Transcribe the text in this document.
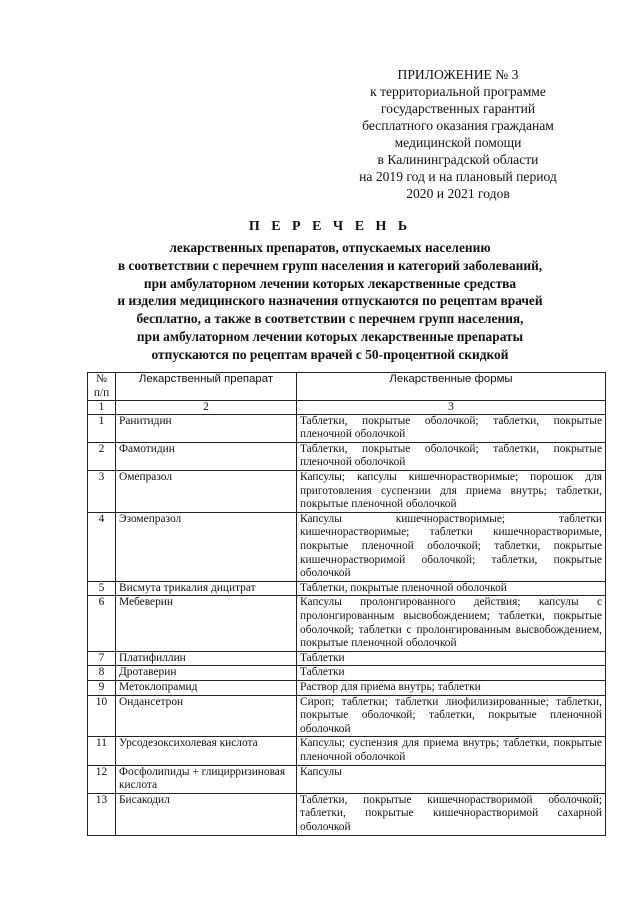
ПРИЛОЖЕНИЕ № 3
к территориальной программе
государственных гарантий
бесплатного оказания гражданам
медицинской помощи
в Калининградской области
на 2019 год и на плановый период
2020 и 2021 годов
П Е Р Е Ч Е Н Ь
лекарственных препаратов, отпускаемых населению
в соответствии с перечнем групп населения и категорий заболеваний,
при амбулаторном лечении которых лекарственные средства
и изделия медицинского назначения отпускаются по рецептам врачей
бесплатно, а также в соответствии с перечнем групп населения,
при амбулаторном лечении которых лекарственные препараты
отпускаются по рецептам врачей с 50-процентной скидкой
№
п/п	Лекарственный препарат	Лекарственные формы
1	2	3
1	Ранитидин	Таблетки, покрытые оболочкой; таблетки, покрытые пленочной оболочкой
2	Фамотидин	Таблетки, покрытые оболочкой; таблетки, покрытые пленочной оболочкой
3	Омепразол	Капсулы; капсулы кишечнорастворимые; порошок для приготовления суспензии для приема внутрь; таблетки, покрытые пленочной оболочкой
4	Эзомепразол	Капсулы кишечнорастворимые; таблетки кишечнорастворимые; таблетки кишечнорастворимые, покрытые пленочной оболочкой; таблетки, покрытые кишечнорастворимой оболочкой; таблетки, покрытые оболочкой
5	Висмута трикалия дицитрат	Таблетки, покрытые пленочной оболочкой
6	Мебеверин	Капсулы пролонгированного действия; капсулы с пролонгированным высвобождением; таблетки, покрытые оболочкой; таблетки с пролонгированным высвобождением, покрытые пленочной оболочкой
7	Платифиллин	Таблетки
8	Дротаверин	Таблетки
9	Метоклопрамид	Раствор для приема внутрь; таблетки
10	Ондансетрон	Сироп; таблетки; таблетки лиофилизированные; таблетки, покрытые оболочкой; таблетки, покрытые пленочной оболочкой
11	Урсодезоксихолевая кислота	Капсулы; суспензия для приема внутрь; таблетки, покрытые пленочной оболочкой
12	Фосфолипиды + глицирризиновая кислота	Капсулы
13	Бисакодил	Таблетки, покрытые кишечнорастворимой оболочкой; таблетки, покрытые кишечнорастворимой сахарной оболочкой
